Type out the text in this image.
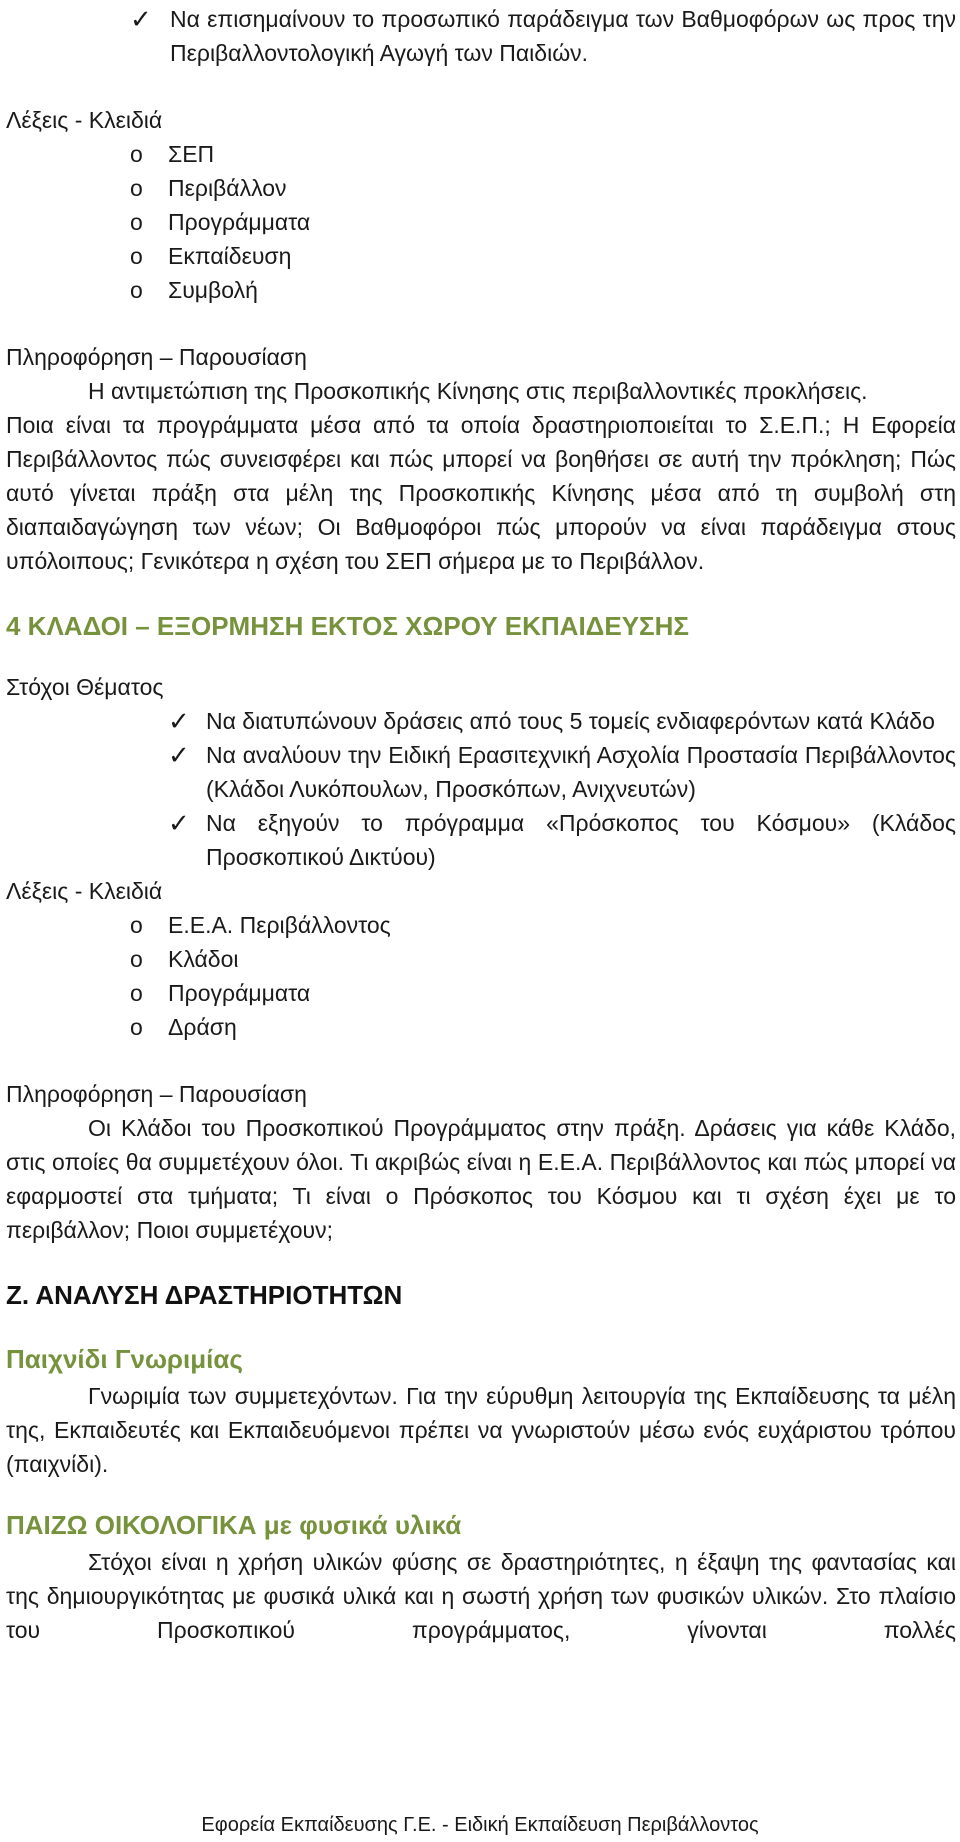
✓ Να επισημαίνουν το προσωπικό παράδειγμα των Βαθμοφόρων ως προς την Περιβαλλοντολογική Αγωγή των Παιδιών.

Λέξεις - Κλειδιά

o ΣΕΠ

o Περιβάλλον

o Προγράμματα

o Εκπαίδευση

o Συμβολή

Πληροφόρηση – Παρουσίαση

Η αντιμετώπιση της Προσκοπικής Κίνησης στις περιβαλλοντικές προκλήσεις.

Ποια είναι τα προγράμματα μέσα από τα οποία δραστηριοποιείται το Σ.Ε.Π.; Η Εφορεία Περιβάλλοντος πώς συνεισφέρει και πώς μπορεί να βοηθήσει σε αυτή την πρόκληση; Πώς αυτό γίνεται πράξη στα μέλη της Προσκοπικής Κίνησης μέσα από τη συμβολή στη διαπαιδαγώγηση των νέων; Οι Βαθμοφόροι πώς μπορούν να είναι παράδειγμα στους υπόλοιπους; Γενικότερα η σχέση του ΣΕΠ σήμερα με το Περιβάλλον.

4 ΚΛΑΔΟΙ – ΕΞΟΡΜΗΣΗ ΕΚΤΟΣ ΧΩΡΟΥ ΕΚΠΑΙΔΕΥΣΗΣ

Στόχοι Θέματος

✓ Να διατυπώνουν δράσεις από τους 5 τομείς ενδιαφερόντων κατά Κλάδο
✓ Να αναλύουν την Ειδική Ερασιτεχνική Ασχολία Προστασία Περιβάλλοντος (Κλάδοι Λυκόπουλων, Προσκόπων, Ανιχνευτών)
✓ Να εξηγούν το πρόγραμμα «Πρόσκοπος του Κόσμου» (Κλάδος Προσκοπικού Δικτύου)

Λέξεις - Κλειδιά

o Ε.Ε.Α. Περιβάλλοντος

o Κλάδοι

o Προγράμματα

o Δράση

Πληροφόρηση – Παρουσίαση

Οι Κλάδοι του Προσκοπικού Προγράμματος στην πράξη. Δράσεις για κάθε Κλάδο, στις οποίες θα συμμετέχουν όλοι. Τι ακριβώς είναι η Ε.Ε.Α. Περιβάλλοντος και πώς μπορεί να εφαρμοστεί στα τμήματα; Τι είναι ο Πρόσκοπος του Κόσμου και τι σχέση έχει με το περιβάλλον; Ποιοι συμμετέχουν;

Ζ. ΑΝΑΛΥΣΗ ΔΡΑΣΤΗΡΙΟΤΗΤΩΝ

Παιχνίδι Γνωριμίας

Γνωριμία των συμμετεχόντων. Για την εύρυθμη λειτουργία της Εκπαίδευσης τα μέλη της, Εκπαιδευτές και Εκπαιδευόμενοι πρέπει να γνωριστούν μέσω ενός ευχάριστου τρόπου (παιχνίδι).

ΠΑΙΖΩ ΟΙΚΟΛΟΓΙΚΑ με φυσικά υλικά

Στόχοι είναι η χρήση υλικών φύσης σε δραστηριότητες, η έξαψη της φαντασίας και της δημιουργικότητας με φυσικά υλικά και η σωστή χρήση των φυσικών υλικών. Στο πλαίσιο του Προσκοπικού προγράμματος, γίνονται πολλές

Εφορεία Εκπαίδευσης Γ.Ε. - Ειδική Εκπαίδευση Περιβάλλοντος
